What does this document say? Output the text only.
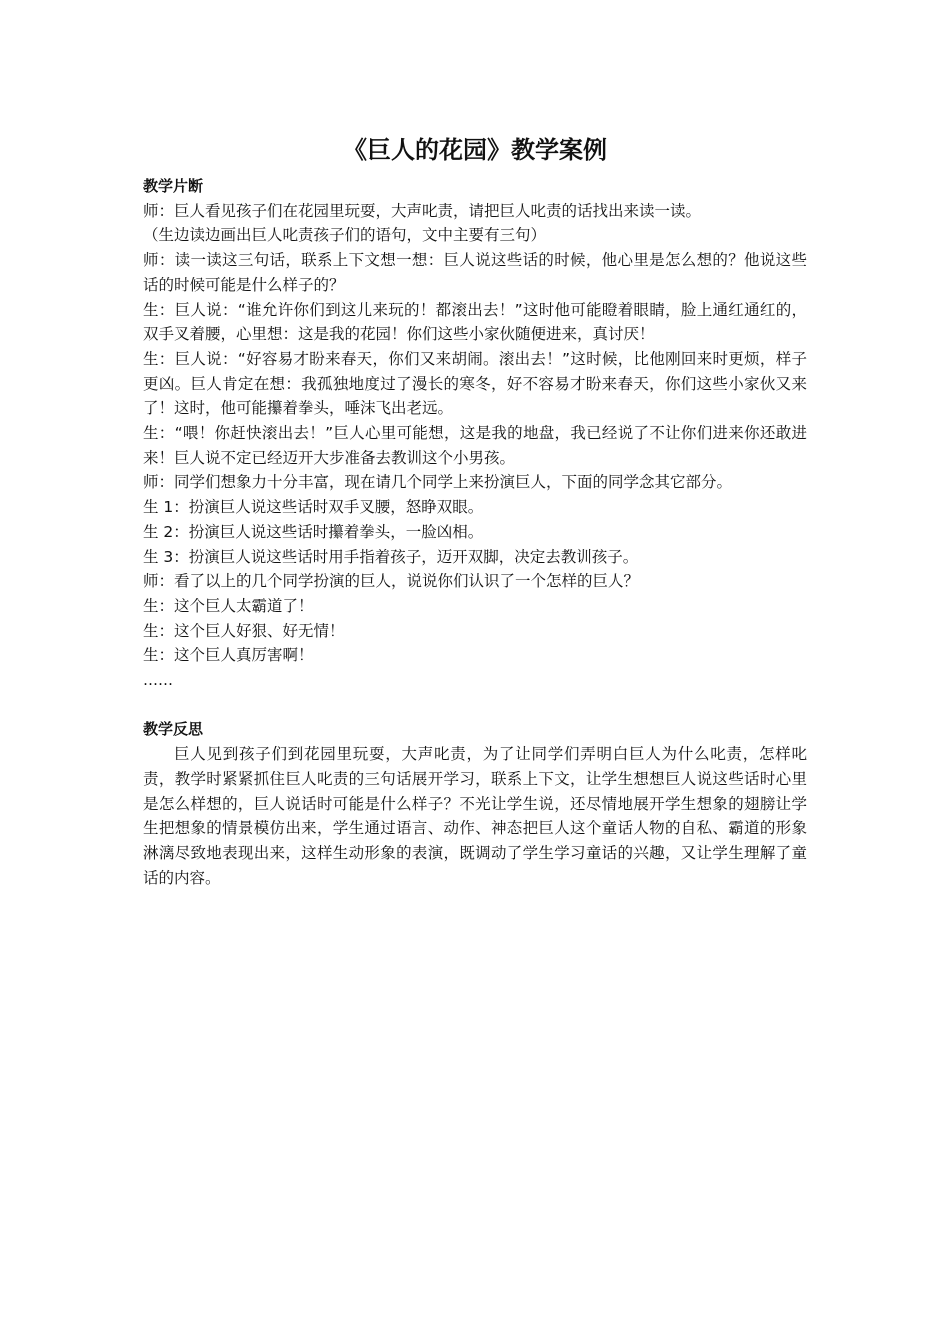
《巨人的花园》教学案例
教学片断

师：巨人看见孩子们在花园里玩耍，大声叱责，请把巨人叱责的话找出来读一读。

（生边读边画出巨人叱责孩子们的语句，文中主要有三句）

师：读一读这三句话，联系上下文想一想：巨人说这些话的时候，他心里是怎么想的？他说这些话的时候可能是什么样子的？

生：巨人说：“谁允许你们到这儿来玩的！都滚出去！”这时他可能瞪着眼睛，脸上通红通红的，双手叉着腰，心里想：这是我的花园！你们这些小家伙随便进来，真讨厌！

生：巨人说：“好容易才盼来春天，你们又来胡闹。滚出去！”这时候，比他刚回来时更烦，样子更凶。巨人肯定在想：我孤独地度过了漫长的寒冬，好不容易才盼来春天，你们这些小家伙又来了！这时，他可能攥着拳头，唾沫飞出老远。

生：“喂！你赶快滚出去！”巨人心里可能想，这是我的地盘，我已经说了不让你们进来你还敢进来！巨人说不定已经迈开大步准备去教训这个小男孩。

师：同学们想象力十分丰富，现在请几个同学上来扮演巨人，下面的同学念其它部分。

生 1：扮演巨人说这些话时双手叉腰，怒睁双眼。

生 2：扮演巨人说这些话时攥着拳头，一脸凶相。

生 3：扮演巨人说这些话时用手指着孩子，迈开双脚，决定去教训孩子。

师：看了以上的几个同学扮演的巨人，说说你们认识了一个怎样的巨人？

生：这个巨人太霸道了！

生：这个巨人好狠、好无情！

生：这个巨人真厉害啊！

……

教学反思

巨人见到孩子们到花园里玩耍，大声叱责，为了让同学们弄明白巨人为什么叱责，怎样叱责，教学时紧紧抓住巨人叱责的三句话展开学习，联系上下文，让学生想想巨人说这些话时心里是怎么样想的，巨人说话时可能是什么样子？不光让学生说，还尽情地展开学生想象的翅膀让学生把想象的情景模仿出来，学生通过语言、动作、神态把巨人这个童话人物的自私、霸道的形象淋漓尽致地表现出来，这样生动形象的表演，既调动了学生学习童话的兴趣，又让学生理解了童话的内容。
